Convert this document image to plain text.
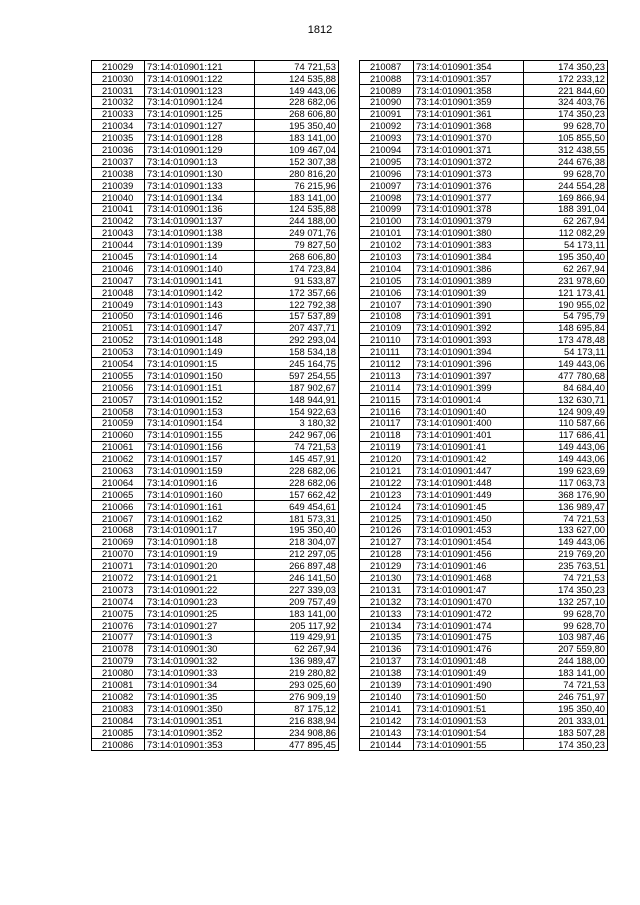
1812
210029	73:14:010901:121	74 721,53
210030	73:14:010901:122	124 535,88
210031	73:14:010901:123	149 443,06
210032	73:14:010901:124	228 682,06
210033	73:14:010901:125	268 606,80
210034	73:14:010901:127	195 350,40
210035	73:14:010901:128	183 141,00
210036	73:14:010901:129	109 467,04
210037	73:14:010901:13	152 307,38
210038	73:14:010901:130	280 816,20
210039	73:14:010901:133	76 215,96
210040	73:14:010901:134	183 141,00
210041	73:14:010901:136	124 535,88
210042	73:14:010901:137	244 188,00
210043	73:14:010901:138	249 071,76
210044	73:14:010901:139	79 827,50
210045	73:14:010901:14	268 606,80
210046	73:14:010901:140	174 723,84
210047	73:14:010901:141	91 533,87
210048	73:14:010901:142	172 357,66
210049	73:14:010901:143	122 792,38
210050	73:14:010901:146	157 537,89
210051	73:14:010901:147	207 437,71
210052	73:14:010901:148	292 293,04
210053	73:14:010901:149	158 534,18
210054	73:14:010901:15	245 164,75
210055	73:14:010901:150	597 254,55
210056	73:14:010901:151	187 902,67
210057	73:14:010901:152	148 944,91
210058	73:14:010901:153	154 922,63
210059	73:14:010901:154	3 180,32
210060	73:14:010901:155	242 967,06
210061	73:14:010901:156	74 721,53
210062	73:14:010901:157	145 457,91
210063	73:14:010901:159	228 682,06
210064	73:14:010901:16	228 682,06
210065	73:14:010901:160	157 662,42
210066	73:14:010901:161	649 454,61
210067	73:14:010901:162	181 573,31
210068	73:14:010901:17	195 350,40
210069	73:14:010901:18	218 304,07
210070	73:14:010901:19	212 297,05
210071	73:14:010901:20	266 897,48
210072	73:14:010901:21	246 141,50
210073	73:14:010901:22	227 339,03
210074	73:14:010901:23	209 757,49
210075	73:14:010901:25	183 141,00
210076	73:14:010901:27	205 117,92
210077	73:14:010901:3	119 429,91
210078	73:14:010901:30	62 267,94
210079	73:14:010901:32	136 989,47
210080	73:14:010901:33	219 280,82
210081	73:14:010901:34	293 025,60
210082	73:14:010901:35	276 909,19
210083	73:14:010901:350	87 175,12
210084	73:14:010901:351	216 838,94
210085	73:14:010901:352	234 908,86
210086	73:14:010901:353	477 895,45
210087	73:14:010901:354	174 350,23
210088	73:14:010901:357	172 233,12
210089	73:14:010901:358	221 844,60
210090	73:14:010901:359	324 403,76
210091	73:14:010901:361	174 350,23
210092	73:14:010901:368	99 628,70
210093	73:14:010901:370	105 855,50
210094	73:14:010901:371	312 438,55
210095	73:14:010901:372	244 676,38
210096	73:14:010901:373	99 628,70
210097	73:14:010901:376	244 554,28
210098	73:14:010901:377	169 866,94
210099	73:14:010901:378	188 391,04
210100	73:14:010901:379	62 267,94
210101	73:14:010901:380	112 082,29
210102	73:14:010901:383	54 173,11
210103	73:14:010901:384	195 350,40
210104	73:14:010901:386	62 267,94
210105	73:14:010901:389	231 978,60
210106	73:14:010901:39	121 173,41
210107	73:14:010901:390	190 955,02
210108	73:14:010901:391	54 795,79
210109	73:14:010901:392	148 695,84
210110	73:14:010901:393	173 478,48
210111	73:14:010901:394	54 173,11
210112	73:14:010901:396	149 443,06
210113	73:14:010901:397	477 780,68
210114	73:14:010901:399	84 684,40
210115	73:14:010901:4	132 630,71
210116	73:14:010901:40	124 909,49
210117	73:14:010901:400	110 587,66
210118	73:14:010901:401	117 686,41
210119	73:14:010901:41	149 443,06
210120	73:14:010901:42	149 443,06
210121	73:14:010901:447	199 623,69
210122	73:14:010901:448	117 063,73
210123	73:14:010901:449	368 176,90
210124	73:14:010901:45	136 989,47
210125	73:14:010901:450	74 721,53
210126	73:14:010901:453	133 627,00
210127	73:14:010901:454	149 443,06
210128	73:14:010901:456	219 769,20
210129	73:14:010901:46	235 763,51
210130	73:14:010901:468	74 721,53
210131	73:14:010901:47	174 350,23
210132	73:14:010901:470	132 257,10
210133	73:14:010901:472	99 628,70
210134	73:14:010901:474	99 628,70
210135	73:14:010901:475	103 987,46
210136	73:14:010901:476	207 559,80
210137	73:14:010901:48	244 188,00
210138	73:14:010901:49	183 141,00
210139	73:14:010901:490	74 721,53
210140	73:14:010901:50	246 751,97
210141	73:14:010901:51	195 350,40
210142	73:14:010901:53	201 333,01
210143	73:14:010901:54	183 507,28
210144	73:14:010901:55	174 350,23
